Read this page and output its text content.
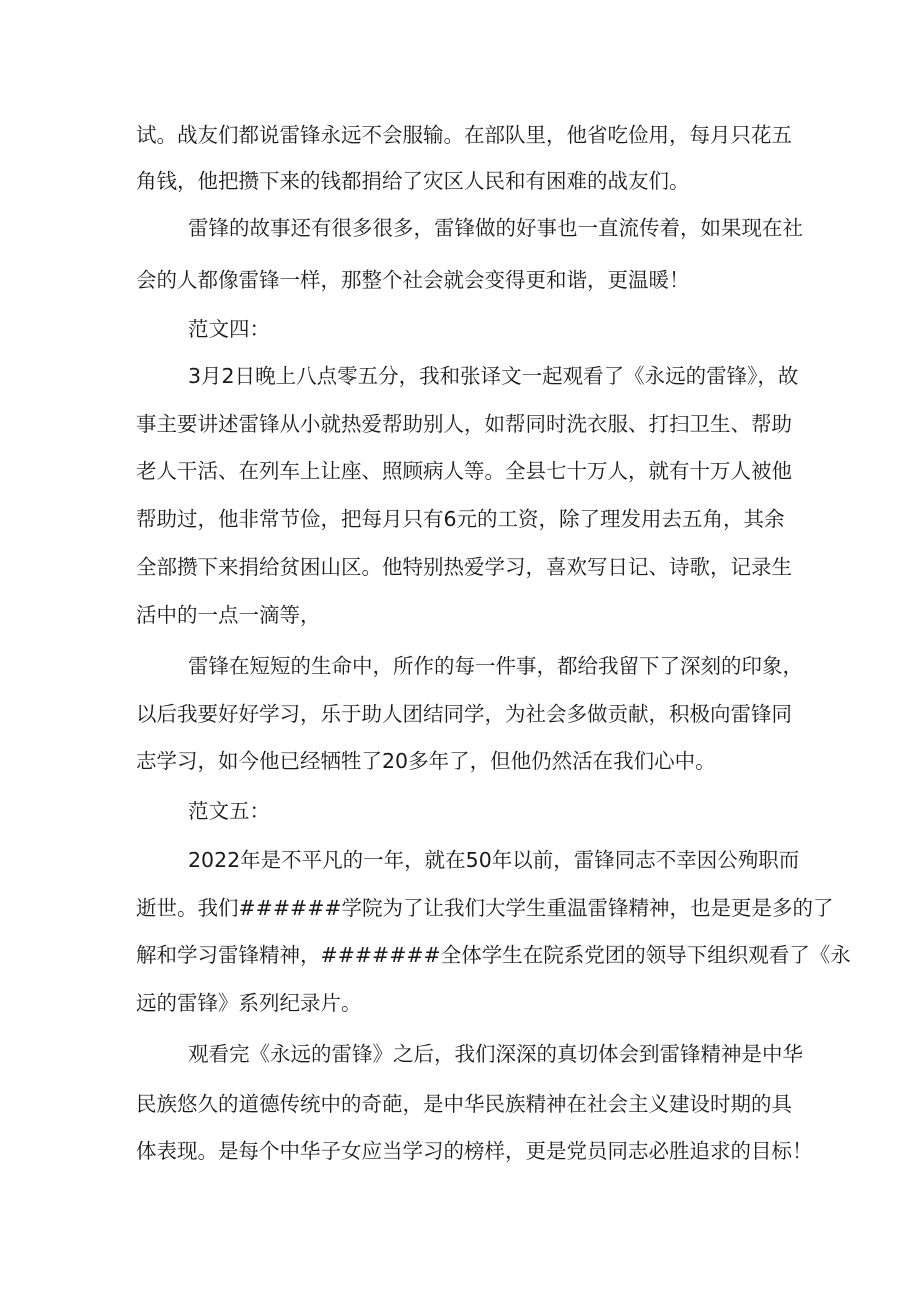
试。战友们都说雷锋永远不会服输。在部队里，他省吃俭用，每月只花五
角钱，他把攒下来的钱都捐给了灾区人民和有困难的战友们。
雷锋的故事还有很多很多，雷锋做的好事也一直流传着，如果现在社
会的人都像雷锋一样，那整个社会就会变得更和谐，更温暖！
范文四：
3月2日晚上八点零五分，我和张译文一起观看了《永远的雷锋》，故
事主要讲述雷锋从小就热爱帮助别人，如帮同时洗衣服、打扫卫生、帮助
老人干活、在列车上让座、照顾病人等。全县七十万人，就有十万人被他
帮助过，他非常节俭，把每月只有6元的工资，除了理发用去五角，其余
全部攒下来捐给贫困山区。他特别热爱学习，喜欢写日记、诗歌，记录生
活中的一点一滴等，
雷锋在短短的生命中，所作的每一件事，都给我留下了深刻的印象，
以后我要好好学习，乐于助人团结同学，为社会多做贡献，积极向雷锋同
志学习，如今他已经牺牲了20多年了，但他仍然活在我们心中。
范文五：
2022年是不平凡的一年，就在50年以前，雷锋同志不幸因公殉职而
逝世。我们######学院为了让我们大学生重温雷锋精神，也是更是多的了
解和学习雷锋精神，#######全体学生在院系党团的领导下组织观看了《永
远的雷锋》系列纪录片。
观看完《永远的雷锋》之后，我们深深的真切体会到雷锋精神是中华
民族悠久的道德传统中的奇葩，是中华民族精神在社会主义建设时期的具
体表现。是每个中华子女应当学习的榜样，更是党员同志必胜追求的目标！
